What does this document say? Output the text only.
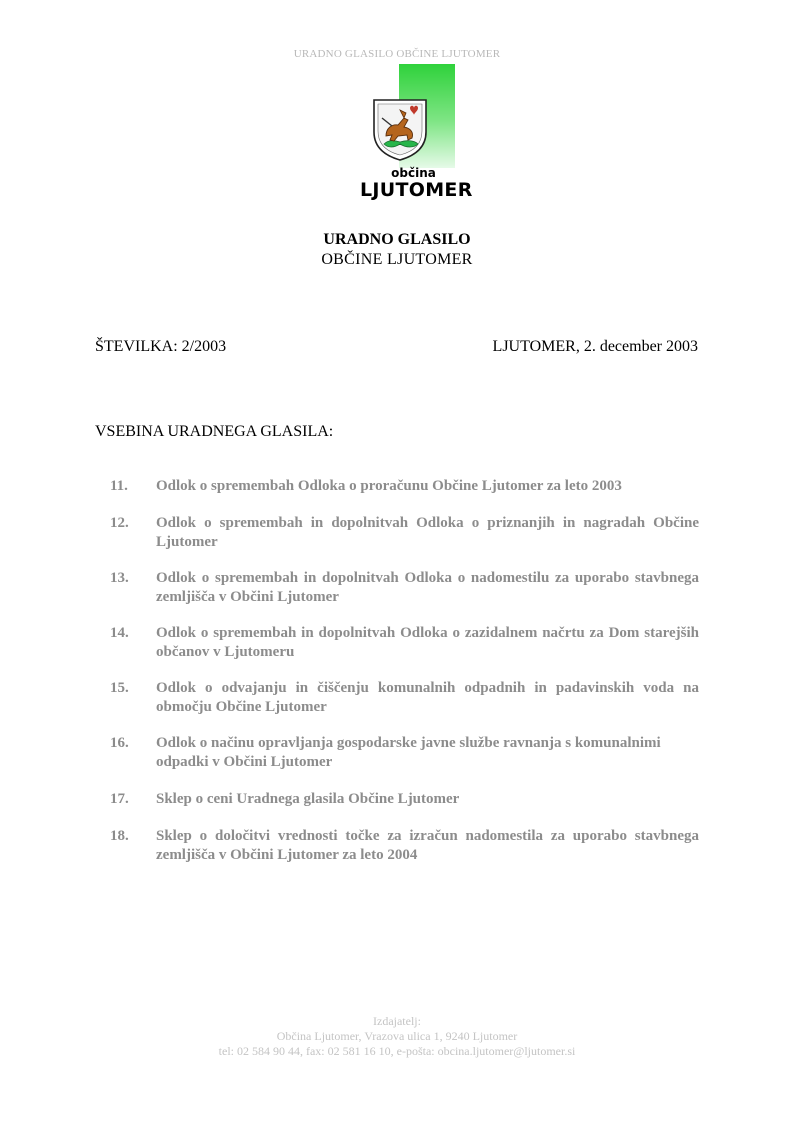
URADNO GLASILO OBČINE LJUTOMER
občina
LJUTOMER
URADNO GLASILO
OBČINE LJUTOMER
ŠTEVILKA: 2/2003	LJUTOMER, 2. december 2003
VSEBINA URADNEGA GLASILA:
11.	Odlok o spremembah Odloka o proračunu Občine Ljutomer za leto 2003
12.	Odlok o spremembah in dopolnitvah Odloka o priznanjih in nagradah Občine Ljutomer
13.	Odlok o spremembah in dopolnitvah Odloka o nadomestilu za uporabo stavbnega zemljišča v Občini Ljutomer
14.	Odlok o spremembah in dopolnitvah Odloka o zazidalnem načrtu za Dom starejših občanov v Ljutomeru
15.	Odlok o odvajanju in čiščenju komunalnih odpadnih in padavinskih voda na območju Občine Ljutomer
16.	Odlok o načinu opravljanja gospodarske javne službe ravnanja s komunalnimi odpadki v Občini Ljutomer
17.	Sklep o ceni Uradnega glasila Občine Ljutomer
18.	Sklep o določitvi vrednosti točke za izračun nadomestila za uporabo stavbnega zemljišča v Občini Ljutomer za leto 2004
Izdajatelj:
Občina Ljutomer, Vrazova ulica 1, 9240 Ljutomer
tel: 02 584 90 44, fax: 02 581 16 10, e-pošta: obcina.ljutomer@ljutomer.si
